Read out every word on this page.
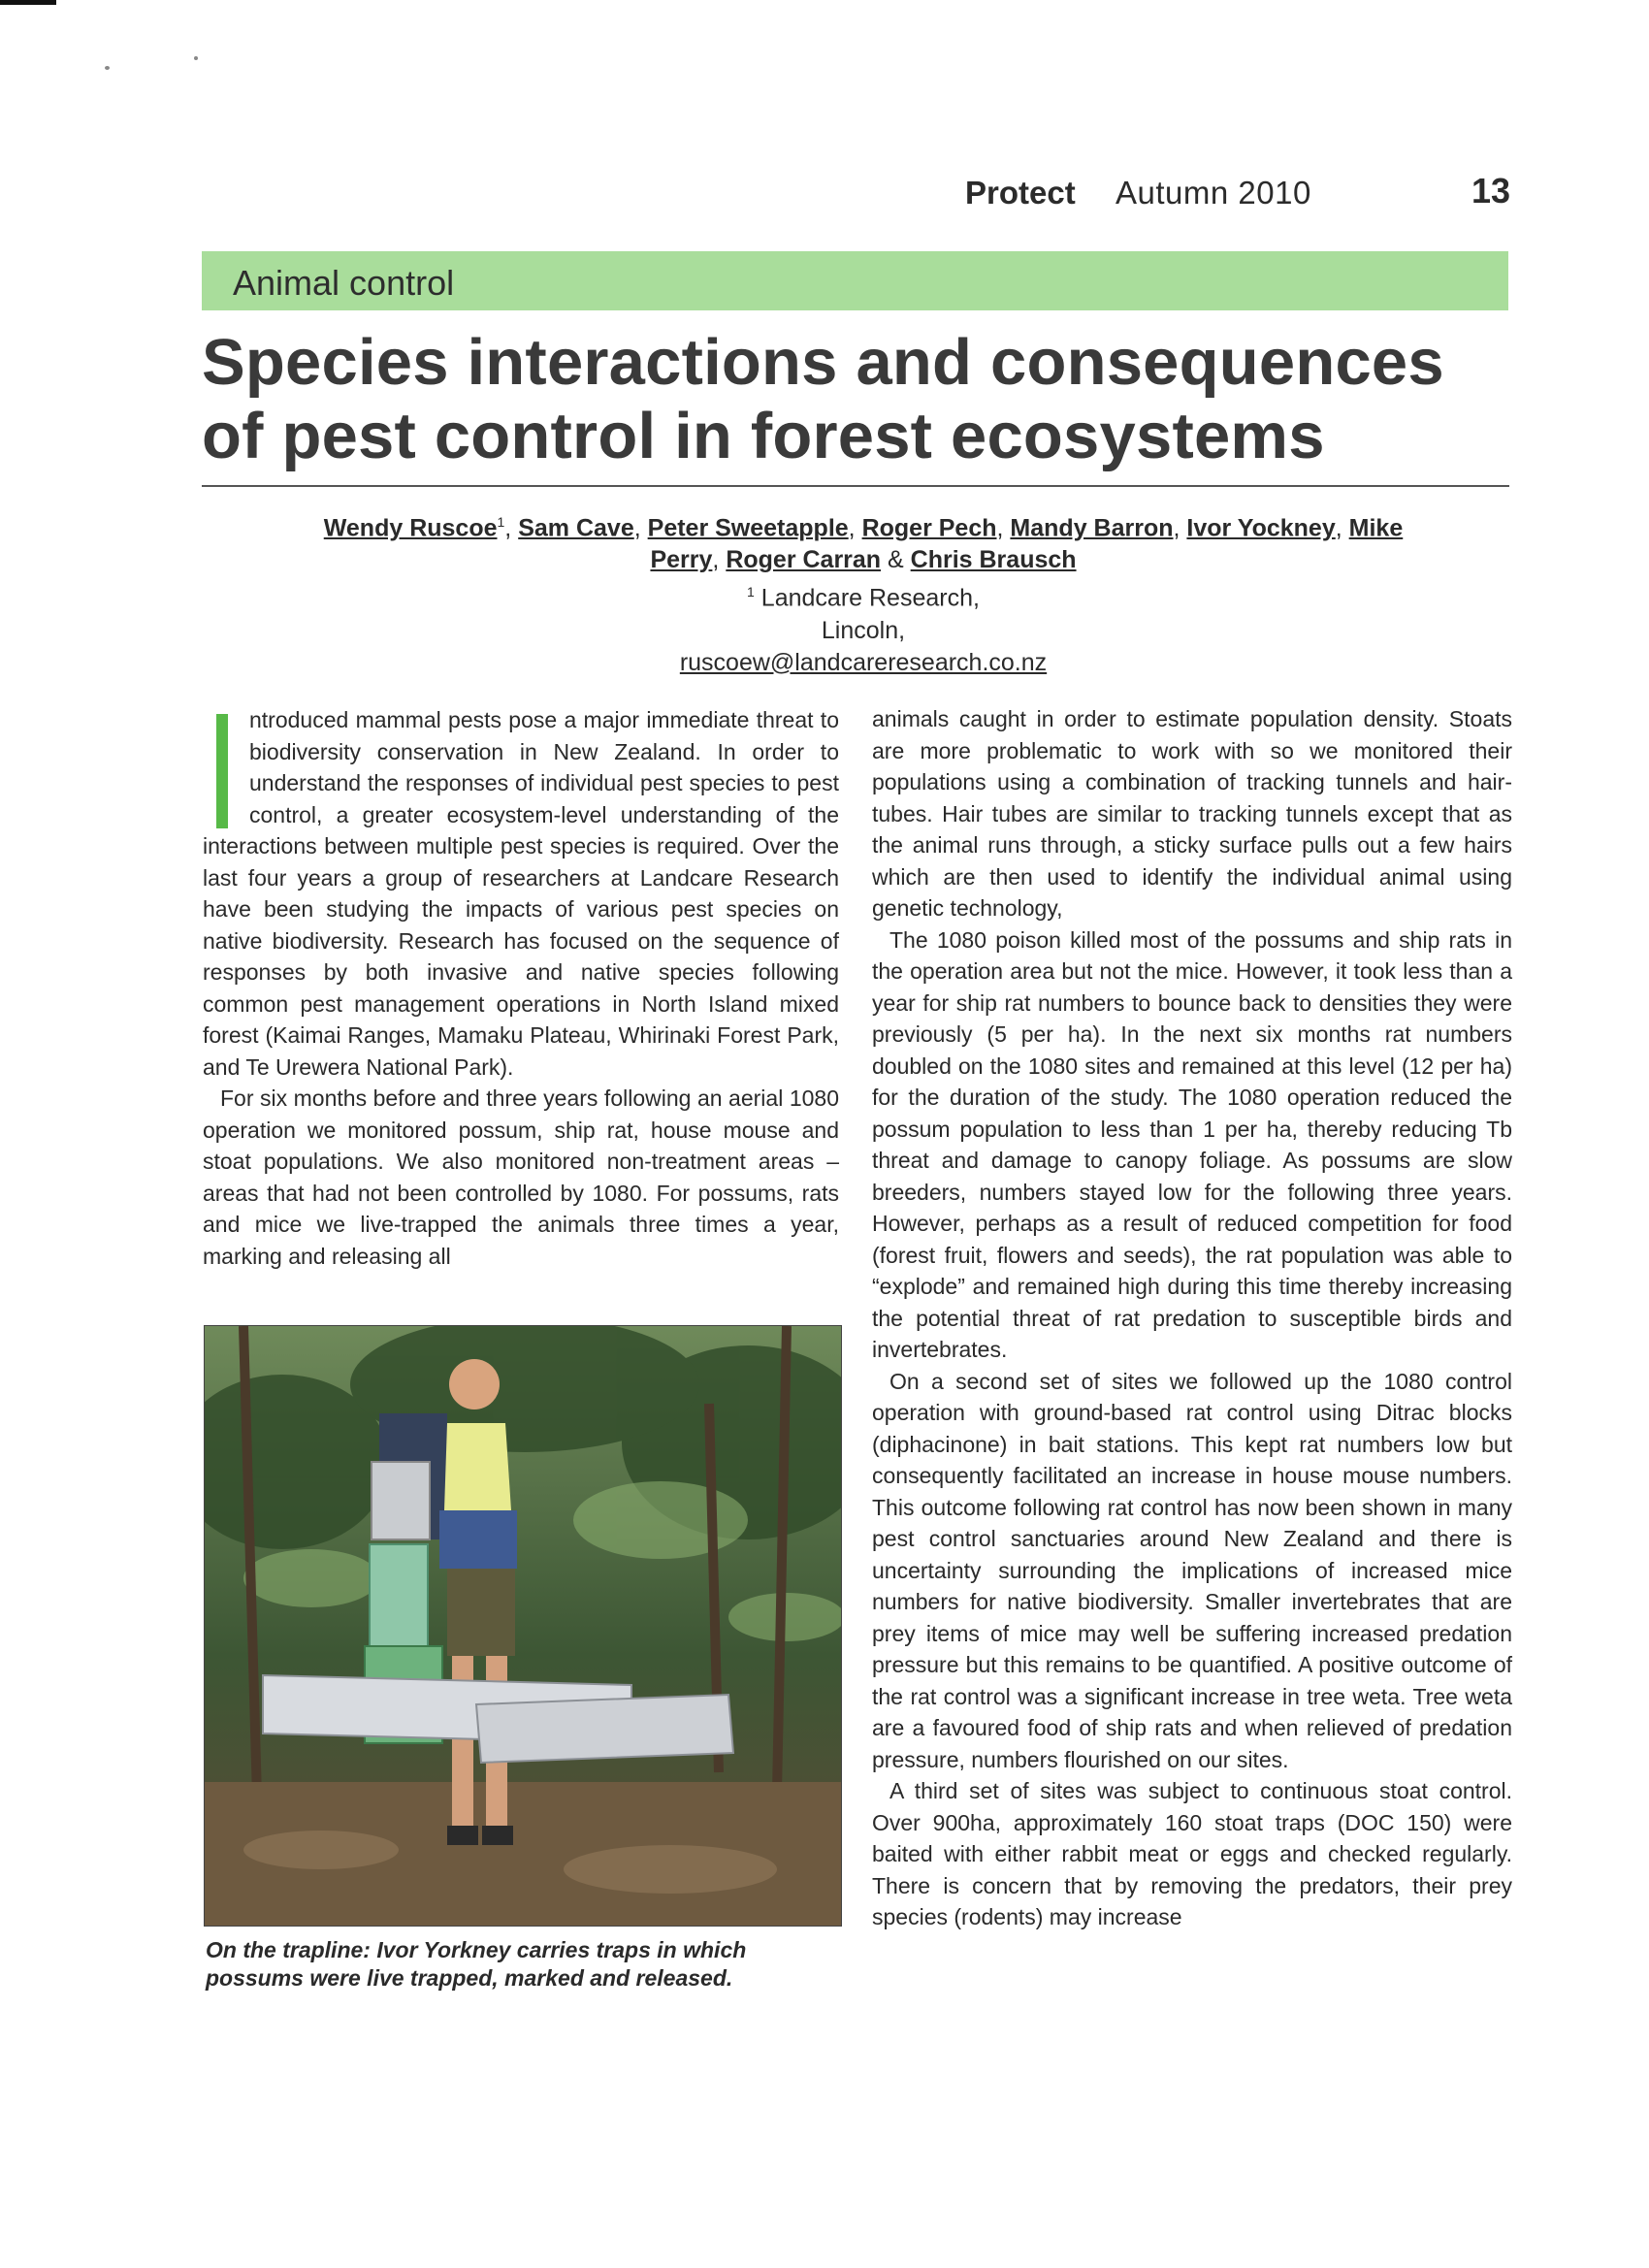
Protect Autumn 2010	13
Animal control
Species interactions and consequences
of pest control in forest ecosystems
Wendy Ruscoe$^1$, Sam Cave, Peter Sweetapple, Roger Pech, Mandy Barron, Ivor Yockney, Mike Perry, Roger Carran & Chris Brausch
$^1$ Landcare Research,
Lincoln,
ruscoew@landcareresearch.co.nz

ntroduced mammal pests pose a major immediate threat to biodiversity conservation in New Zealand. In order to understand the responses of individual pest species to pest control, a greater ecosystem-level understanding of the interactions between multiple pest species is required. Over the last four years a group of researchers at Landcare Research have been studying the impacts of various pest species on native biodiversity. Research has focused on the sequence of responses by both invasive and native species following common pest management operations in North Island mixed forest (Kaimai Ranges, Mamaku Plateau, Whirinaki Forest Park, and Te Urewera National Park).

For six months before and three years following an aerial 1080 operation we monitored possum, ship rat, house mouse and stoat populations. We also monitored non-treatment areas – areas that had not been controlled by 1080. For possums, rats and mice we live-trapped the animals three times a year, marking and releasing all

On the trapline: Ivor Yorkney carries traps in which possums were live trapped, marked and released.

animals caught in order to estimate population density. Stoats are more problematic to work with so we monitored their populations using a combination of tracking tunnels and hair-tubes. Hair tubes are similar to tracking tunnels except that as the animal runs through, a sticky surface pulls out a few hairs which are then used to identify the individual animal using genetic technology,

The 1080 poison killed most of the possums and ship rats in the operation area but not the mice. However, it took less than a year for ship rat numbers to bounce back to densities they were previously (5 per ha). In the next six months rat numbers doubled on the 1080 sites and remained at this level (12 per ha) for the duration of the study. The 1080 operation reduced the possum population to less than 1 per ha, thereby reducing Tb threat and damage to canopy foliage. As possums are slow breeders, numbers stayed low for the following three years. However, perhaps as a result of reduced competition for food (forest fruit, flowers and seeds), the rat population was able to “explode” and remained high during this time thereby increasing the potential threat of rat predation to susceptible birds and invertebrates.

On a second set of sites we followed up the 1080 control operation with ground-based rat control using Ditrac blocks (diphacinone) in bait stations. This kept rat numbers low but consequently facilitated an increase in house mouse numbers. This outcome following rat control has now been shown in many pest control sanctuaries around New Zealand and there is uncertainty surrounding the implications of increased mice numbers for native biodiversity. Smaller invertebrates that are prey items of mice may well be suffering increased predation pressure but this remains to be quantified. A positive outcome of the rat control was a significant increase in tree weta. Tree weta are a favoured food of ship rats and when relieved of predation pressure, numbers flourished on our sites.

A third set of sites was subject to continuous stoat control. Over 900ha, approximately 160 stoat traps (DOC 150) were baited with either rabbit meat or eggs and checked regularly. There is concern that by removing the predators, their prey species (rodents) may increase
